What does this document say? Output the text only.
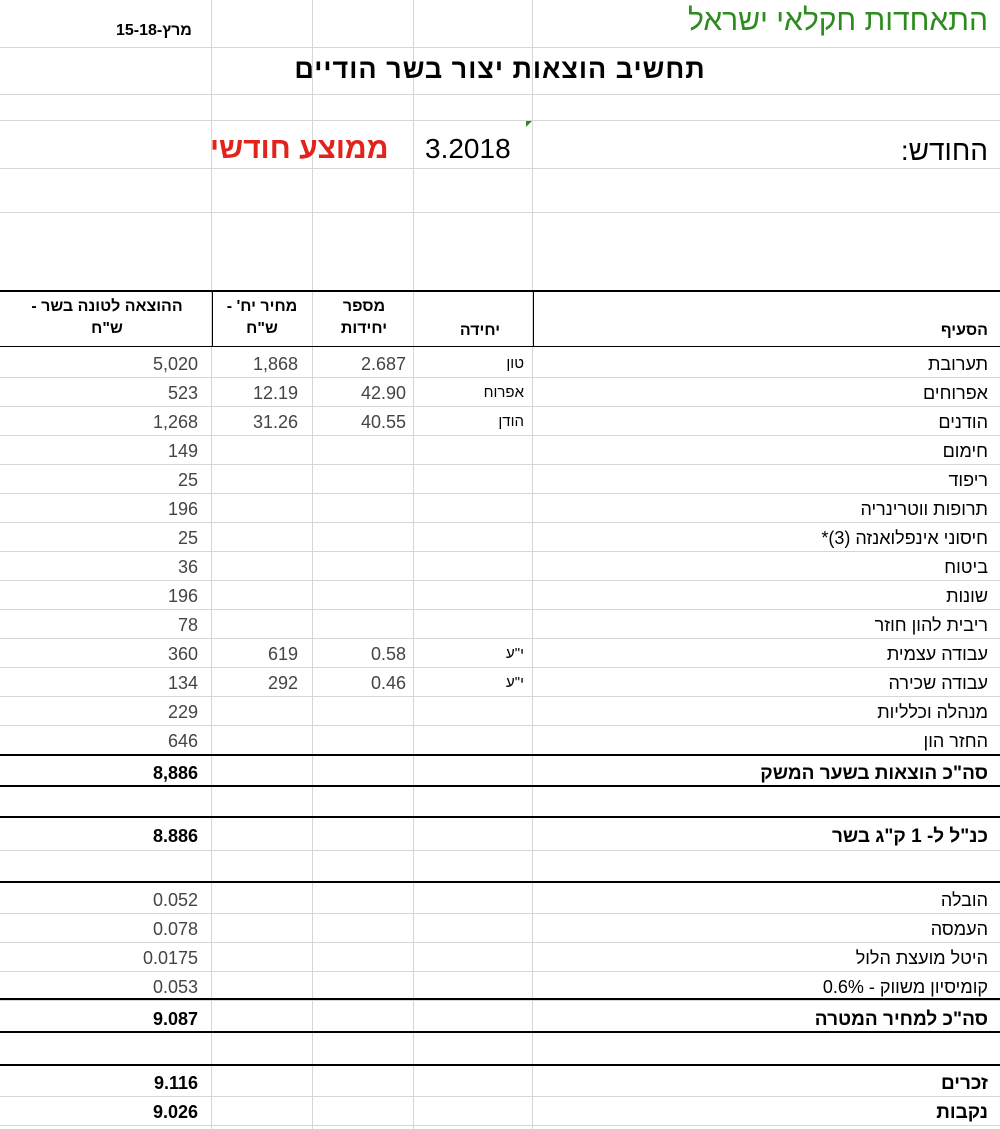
התאחדות חקלאי ישראל
15-מרץ-18
תחשיב הוצאות יצור בשר הודיים
החודש:
3.2018
ממוצע חודשי
הסעיף
יחידה
מספר
יחידות
מחיר יח' -
ש"ח
ההוצאה לטונה בשר -
ש"ח
תערובת
טון
2.687
1,868
5,020
אפרוחים
אפרוח
42.90
12.19
523
הודנים
הודן
40.55
31.26
1,268
חימום
149
ריפוד
25
תרופות ווטרינריה
196
חיסוני אינפלואנזה (3)*
25
ביטוח
36
שונות
196
ריבית להון חוזר
78
עבודה עצמית
י"ע
0.58
619
360
עבודה שכירה
י"ע
0.46
292
134
מנהלה וכלליות
229
החזר הון
646
סה"כ הוצאות בשער המשק
8,886
כנ"ל ל- 1 ק"ג בשר
8.886
הובלה
0.052
העמסה
0.078
היטל מועצת הלול
0.0175
קומיסיון משווק - 0.6%
0.053
סה"כ למחיר המטרה
9.087
זכרים
9.116
נקבות
9.026
